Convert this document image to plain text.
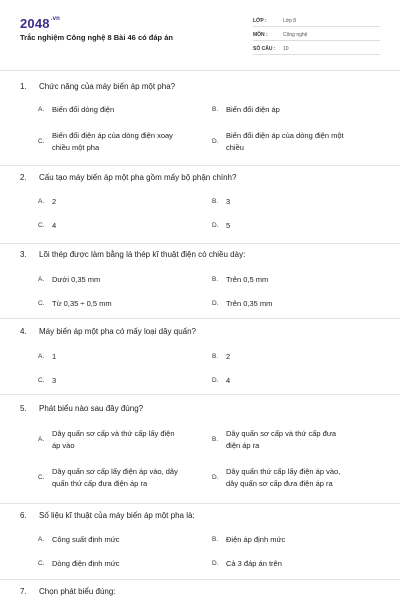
$2048^{.vn}$
Trắc nghiệm Công nghệ 8 Bài 46 có đáp án
LỚP :	Lớp 8
MÔN :	Công nghệ
SỐ CÂU : 10
1. Chức năng của máy biến áp một pha?
A. Biến đổi dòng điện	B. Biến đổi điện áp
C.
Biến đổi điện áp của dòng điện xoay
chiều một pha
D.
Biến đổi điện áp của dòng điện một
chiều
2. Cấu tạo máy biến áp một pha gồm mấy bộ phận chính?
A. 2	B. 3
C. 4	D. 5
3. Lõi thép được làm bằng lá thép kĩ thuật điện có chiều dày:
A. Dưới 0,35 mm	B. Trên 0,5 mm
C. Từ 0,35 ÷ 0,5 mm	D. Trên 0,35 mm
4. Máy biến áp một pha có mấy loại dây quấn?
A. 1	B. 2
C. 3	D. 4
5. Phát biểu nào sau đây đúng?
A.
Dây quấn sơ cấp và thứ cấp lấy điện
áp vào
B.
Dây quấn sơ cấp và thứ cấp đưa
điện áp ra
C.
Dây quấn sơ cấp lấy điện áp vào, dây
quấn thứ cấp đưa điện áp ra
D.
Dây quấn thứ cấp lấy điện áp vào,
dây quấn sơ cấp đưa điện áp ra
6. Số liệu kĩ thuật của máy biến áp một pha là:
A. Công suất định mức	B. Điện áp định mức
C. Dòng điện định mức	D. Cả 3 đáp án trên
7. Chọn phát biểu đúng:
